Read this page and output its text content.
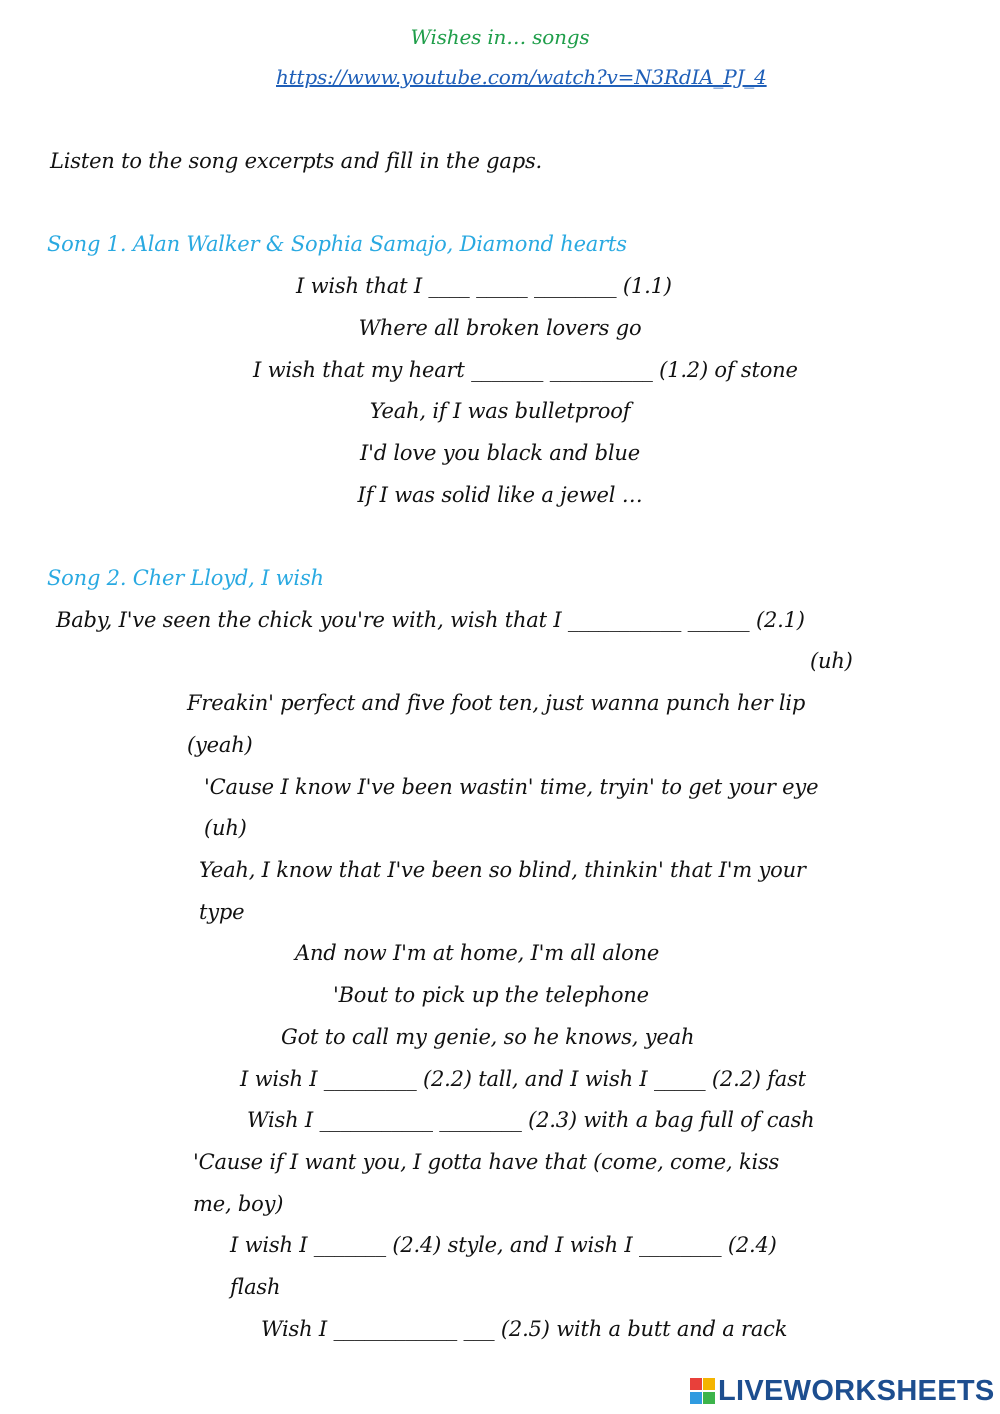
Wishes in… songs
https://www.youtube.com/watch?v=N3RdIA_PJ_4
Listen to the song excerpts and fill in the gaps.
Song 1. Alan Walker & Sophia Samajo, Diamond hearts
I wish that I ____ _____ ________ (1.1)
Where all broken lovers go
I wish that my heart _______ __________ (1.2) of stone
Yeah, if I was bulletproof
I'd love you black and blue
If I was solid like a jewel …
Song 2. Cher Lloyd, I wish
Baby, I've seen the chick you're with, wish that I ___________ ______ (2.1)
(uh)
Freakin' perfect and five foot ten, just wanna punch her lip
(yeah)
'Cause I know I've been wastin' time, tryin' to get your eye
(uh)
Yeah, I know that I've been so blind, thinkin' that I'm your
type
And now I'm at home, I'm all alone
'Bout to pick up the telephone
Got to call my genie, so he knows, yeah
I wish I _________ (2.2) tall, and I wish I _____ (2.2) fast
Wish I ___________ ________ (2.3) with a bag full of cash
'Cause if I want you, I gotta have that (come, come, kiss
me, boy)
I wish I _______ (2.4) style, and I wish I ________ (2.4)
flash
Wish I ____________ ___ (2.5) with a butt and a rack
LIVEWORKSHEETS
